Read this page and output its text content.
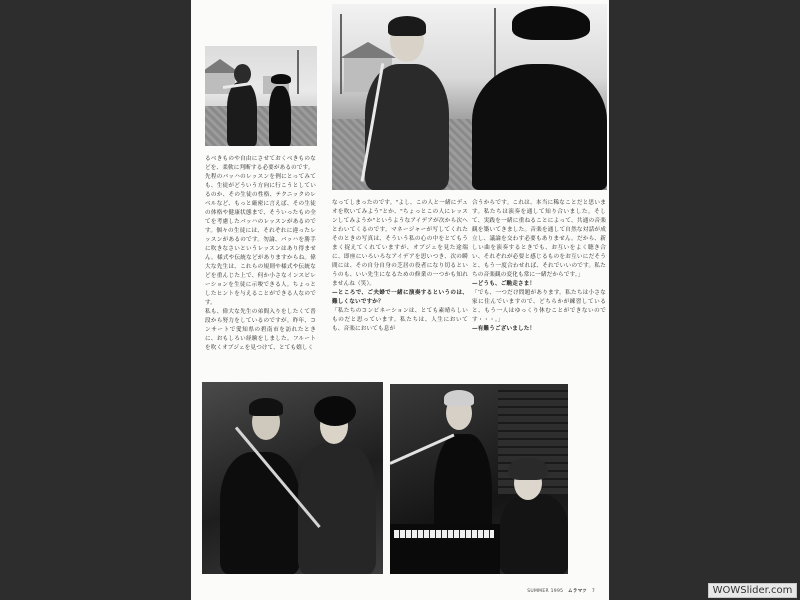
るべきものや自由にさせておくべきものなどを、柔軟に判断する必要があるのです。

先程のバッハのレッスンを例にとってみても、生徒がどういう方向に行こうとしているのか、その生徒の性格、テクニックのレベルなど、もっと厳密に言えば、その生徒の体格や健康状態まで、そういったもの全てを考慮したバッハのレッスンがあるのです。個々の生徒には、それぞれに違ったレッスンがあるのです。勿論、バッハを勝手に吹きなさいというレッスンはあり得ません。様式や伝統などがありますからね。偉大な先生は、これらの規則や様式や伝統などを重んじた上で、何か小さなインスピレーションを生徒に示唆できる人。ちょっとしたヒントを与えることができる人なのです。

私も、偉大な先生の弟間入りをしたくて普段から努力をしているのですが。昨年、コンサートで愛知県の碧南市を訪れたときに、おもしろい経験をしました。フルートを吹くオブジェを見つけて、とても嬉しく

なってしまったのです。"よし、この人と一緒にデュオを吹いてみよう"とか、"ちょっとこの人にレッスンしてみようか"というようなアイデアが次から次へとわいてくるのです。マネージャーが写してくれたそのときの写真は、そういう私の心の中をとてもうまく捉えてくれていますが、オブジェを見た途端に、即座にいろいろなアイデアを思いつき、次の瞬間には、その自分自身の芝居の役者になり切るというのも、いい先生になるための修業の一つかも知れませんね（笑）。

—ところで、ご夫婦で一緒に演奏するというのは、難しくないですか？

「私たちのコンビネーションは、とても素晴らしいものだと思っています。私たちは、人生においても、音楽においても息が

合うからです。これは、本当に稀なことだと思います。私たちは演奏を通して知り合いました。そして、実践を一緒に重ねることによって、共通の音楽観を築いてきました。音楽を通して自然な対話が成立し、議論を交わす必要もありません。だから、新しい曲を演奏するときでも、お互いをよく聴き合い、それぞれが必要と感じるものをお互いにだそうと、もう一度合わせれば、それでいいのです。私たちの音楽観の変化も常に一緒だからです。」

—どうも、ご馳走さま！

「でも、一つだけ問題があります。私たちは小さな家に住んでいますので、どちらかが練習していると、もう一人はゆっくり休むことができないのです・・・。」

—有難うございました！

SUMMER 1995 ムラマツ 7	WOWSlider.com
